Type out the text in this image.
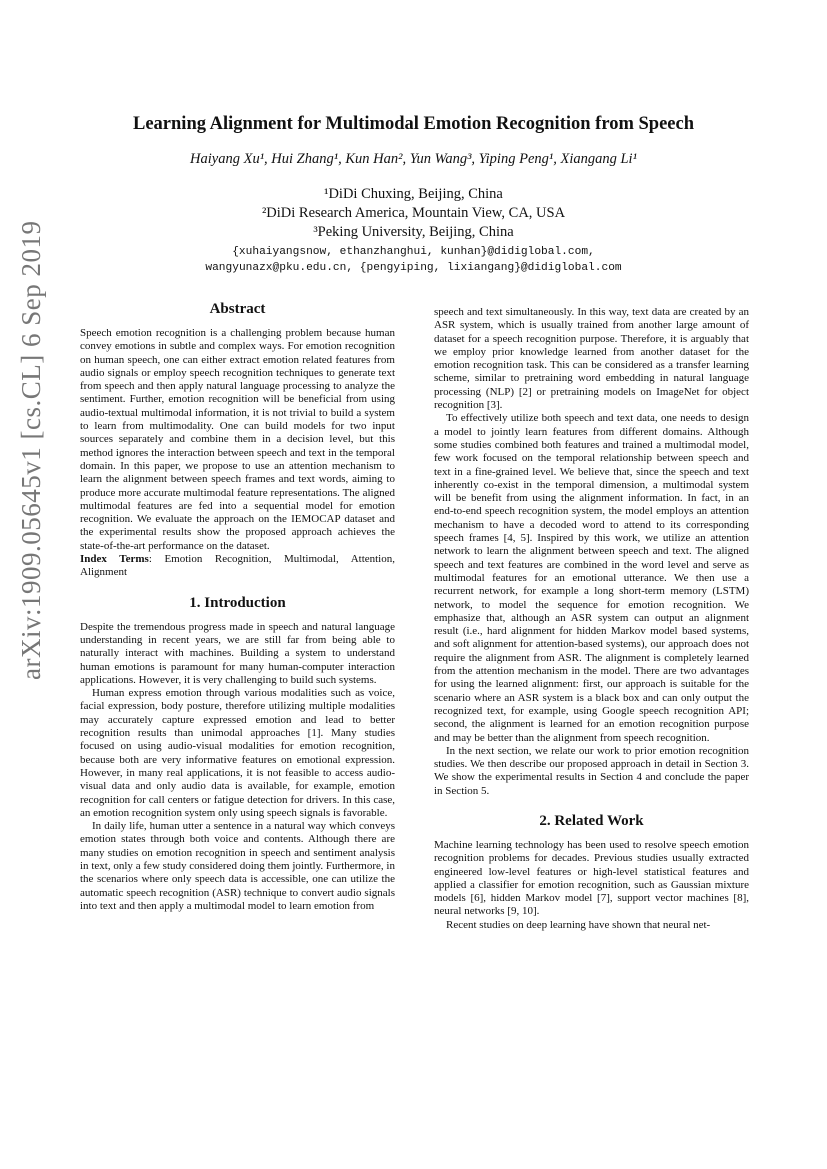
Learning Alignment for Multimodal Emotion Recognition from Speech
Haiyang Xu¹, Hui Zhang¹, Kun Han², Yun Wang³, Yiping Peng¹, Xiangang Li¹
¹DiDi Chuxing, Beijing, China
²DiDi Research America, Mountain View, CA, USA
³Peking University, Beijing, China
{xuhaiyangsnow, ethanzhanghui, kunhan}@didiglobal.com,
wangyunazx@pku.edu.cn, {pengyiping, lixiangang}@didiglobal.com
arXiv:1909.05645v1 [cs.CL] 6 Sep 2019	Abstract

Speech emotion recognition is a challenging problem because human convey emotions in subtle and complex ways. For emotion recognition on human speech, one can either extract emotion related features from audio signals or employ speech recognition techniques to generate text from speech and then apply natural language processing to analyze the sentiment. Further, emotion recognition will be beneficial from using audio-textual multimodal information, it is not trivial to build a system to learn from multimodality. One can build models for two input sources separately and combine them in a decision level, but this method ignores the interaction between speech and text in the temporal domain. In this paper, we propose to use an attention mechanism to learn the alignment between speech frames and text words, aiming to produce more accurate multimodal feature representations. The aligned multimodal features are fed into a sequential model for emotion recognition. We evaluate the approach on the IEMOCAP dataset and the experimental results show the proposed approach achieves the state-of-the-art performance on the dataset.

Index Terms: Emotion Recognition, Multimodal, Attention, Alignment

1. Introduction

Despite the tremendous progress made in speech and natural language understanding in recent years, we are still far from being able to naturally interact with machines. Building a system to understand human emotions is paramount for many human-computer interaction applications. However, it is very challenging to build such systems.

Human express emotion through various modalities such as voice, facial expression, body posture, therefore utilizing multiple modalities may accurately capture expressed emotion and lead to better recognition results than unimodal approaches [1]. Many studies focused on using audio-visual modalities for emotion recognition, because both are very informative features on emotional expression. However, in many real applications, it is not feasible to access audio-visual data and only audio data is available, for example, emotion recognition for call centers or fatigue detection for drivers. In this case, an emotion recognition system only using speech signals is favorable.

In daily life, human utter a sentence in a natural way which conveys emotion states through both voice and contents. Although there are many studies on emotion recognition in speech and sentiment analysis in text, only a few study considered doing them jointly. Furthermore, in the scenarios where only speech data is accessible, one can utilize the automatic speech recognition (ASR) technique to convert audio signals into text and then apply a multimodal model to learn emotion from

speech and text simultaneously. In this way, text data are created by an ASR system, which is usually trained from another large amount of dataset for a speech recognition purpose. Therefore, it is arguably that we employ prior knowledge learned from another dataset for the emotion recognition task. This can be considered as a transfer learning scheme, similar to pretraining word embedding in natural language processing (NLP) [2] or pretraining models on ImageNet for object recognition [3].

To effectively utilize both speech and text data, one needs to design a model to jointly learn features from different domains. Although some studies combined both features and trained a multimodal model, few work focused on the temporal relationship between speech and text in a fine-grained level. We believe that, since the speech and text inherently co-exist in the temporal dimension, a multimodal system will be benefit from using the alignment information. In fact, in an end-to-end speech recognition system, the model employs an attention mechanism to have a decoded word to attend to its corresponding speech frames [4, 5]. Inspired by this work, we utilize an attention network to learn the alignment between speech and text. The aligned speech and text features are combined in the word level and serve as multimodal features for an emotional utterance. We then use a recurrent network, for example a long short-term memory (LSTM) network, to model the sequence for emotion recognition. We emphasize that, although an ASR system can output an alignment result (i.e., hard alignment for hidden Markov model based systems, and soft alignment for attention-based systems), our approach does not require the alignment from ASR. The alignment is completely learned from the attention mechanism in the model. There are two advantages for using the learned alignment: first, our approach is suitable for the scenario where an ASR system is a black box and can only output the recognized text, for example, using Google speech recognition API; second, the alignment is learned for an emotion recognition purpose and may be better than the alignment from speech recognition.

In the next section, we relate our work to prior emotion recognition studies. We then describe our proposed approach in detail in Section 3. We show the experimental results in Section 4 and conclude the paper in Section 5.

2. Related Work

Machine learning technology has been used to resolve speech emotion recognition problems for decades. Previous studies usually extracted engineered low-level features or high-level statistical features and applied a classifier for emotion recognition, such as Gaussian mixture models [6], hidden Markov model [7], support vector machines [8], neural networks [9, 10].

Recent studies on deep learning have shown that neural net-
